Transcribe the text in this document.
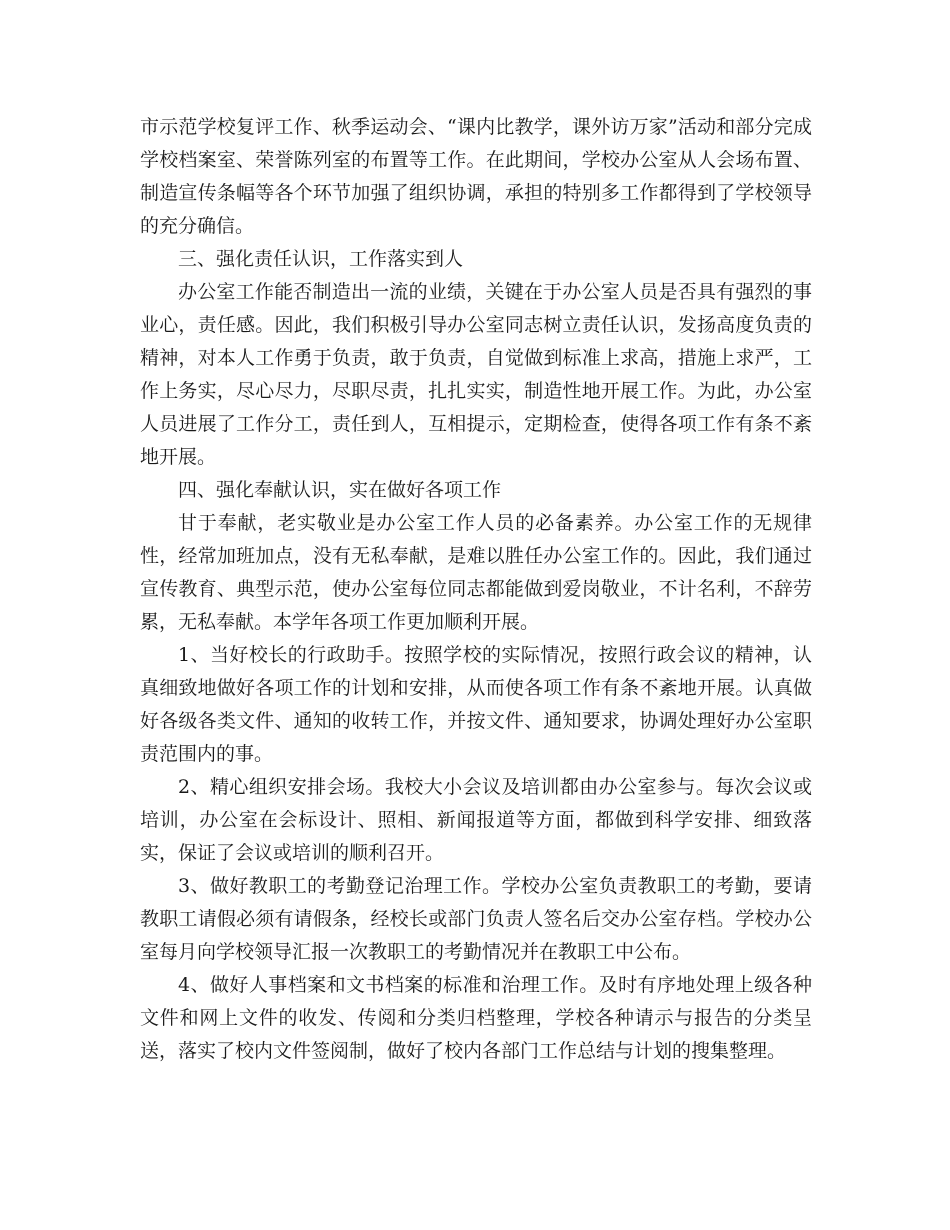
市示范学校复评工作、秋季运动会、“课内比教学，课外访万家”活动和部分完成学校档案室、荣誉陈列室的布置等工作。在此期间，学校办公室从人会场布置、制造宣传条幅等各个环节加强了组织协调，承担的特别多工作都得到了学校领导的充分确信。

三、强化责任认识，工作落实到人

办公室工作能否制造出一流的业绩，关键在于办公室人员是否具有强烈的事业心，责任感。因此，我们积极引导办公室同志树立责任认识，发扬高度负责的精神，对本人工作勇于负责，敢于负责，自觉做到标准上求高，措施上求严，工作上务实，尽心尽力，尽职尽责，扎扎实实，制造性地开展工作。为此，办公室人员进展了工作分工，责任到人，互相提示，定期检查，使得各项工作有条不紊地开展。

四、强化奉献认识，实在做好各项工作

甘于奉献，老实敬业是办公室工作人员的必备素养。办公室工作的无规律性，经常加班加点，没有无私奉献，是难以胜任办公室工作的。因此，我们通过宣传教育、典型示范，使办公室每位同志都能做到爱岗敬业，不计名利，不辞劳累，无私奉献。本学年各项工作更加顺利开展。

1、当好校长的行政助手。按照学校的实际情况，按照行政会议的精神，认真细致地做好各项工作的计划和安排，从而使各项工作有条不紊地开展。认真做好各级各类文件、通知的收转工作，并按文件、通知要求，协调处理好办公室职责范围内的事。

2、精心组织安排会场。我校大小会议及培训都由办公室参与。每次会议或培训，办公室在会标设计、照相、新闻报道等方面，都做到科学安排、细致落实，保证了会议或培训的顺利召开。

3、做好教职工的考勤登记治理工作。学校办公室负责教职工的考勤，要请教职工请假必须有请假条，经校长或部门负责人签名后交办公室存档。学校办公室每月向学校领导汇报一次教职工的考勤情况并在教职工中公布。

4、做好人事档案和文书档案的标准和治理工作。及时有序地处理上级各种文件和网上文件的收发、传阅和分类归档整理，学校各种请示与报告的分类呈送，落实了校内文件签阅制，做好了校内各部门工作总结与计划的搜集整理。
